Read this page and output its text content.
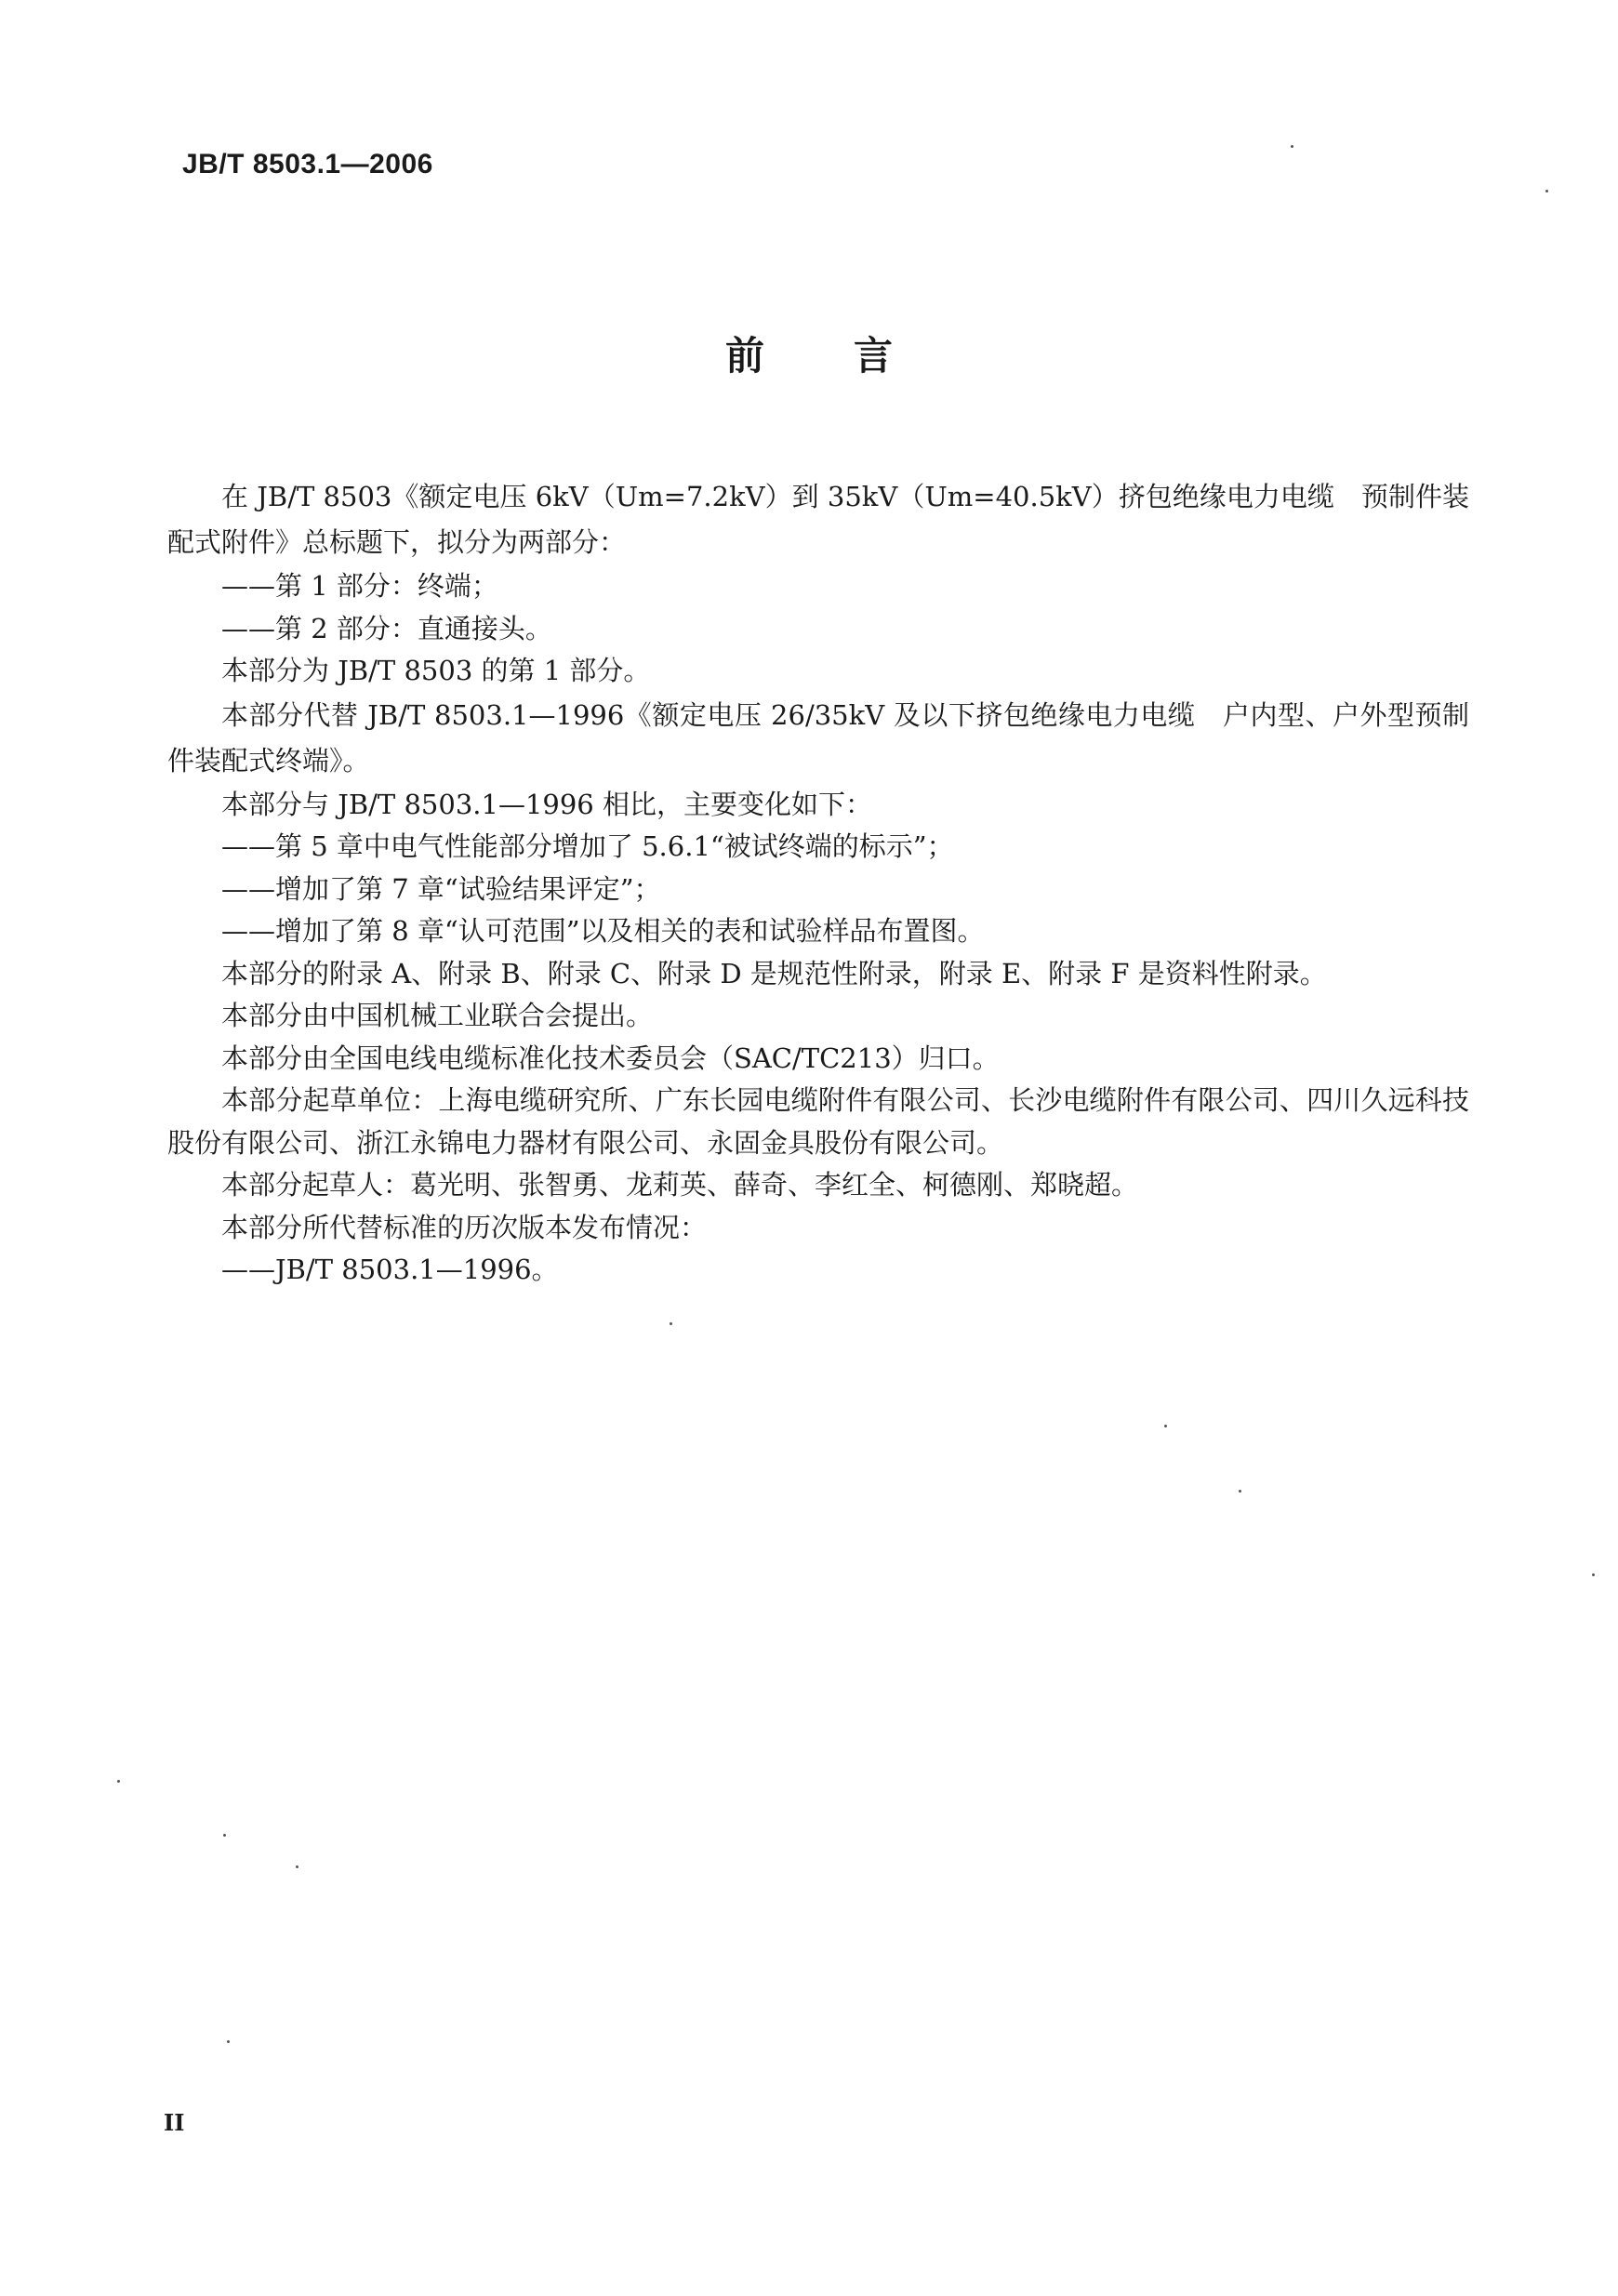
JB/T 8503.1—2006
前言

在 JB/T 8503《额定电压 6kV（Um=7.2kV）到 35kV（Um=40.5kV）挤包绝缘电力电缆　预制件装配式附件》总标题下，拟分为两部分：

——第 1 部分：终端；

——第 2 部分：直通接头。

本部分为 JB/T 8503 的第 1 部分。

本部分代替 JB/T 8503.1—1996《额定电压 26/35kV 及以下挤包绝缘电力电缆　户内型、户外型预制件装配式终端》。

本部分与 JB/T 8503.1—1996 相比，主要变化如下：

——第 5 章中电气性能部分增加了 5.6.1“被试终端的标示”；

——增加了第 7 章“试验结果评定”；

——增加了第 8 章“认可范围”以及相关的表和试验样品布置图。

本部分的附录 A、附录 B、附录 C、附录 D 是规范性附录，附录 E、附录 F 是资料性附录。

本部分由中国机械工业联合会提出。

本部分由全国电线电缆标准化技术委员会（SAC/TC213）归口。

本部分起草单位：上海电缆研究所、广东长园电缆附件有限公司、长沙电缆附件有限公司、四川久远科技股份有限公司、浙江永锦电力器材有限公司、永固金具股份有限公司。

本部分起草人：葛光明、张智勇、龙莉英、薛奇、李红全、柯德刚、郑晓超。

本部分所代替标准的历次版本发布情况：

——JB/T 8503.1—1996。

II
